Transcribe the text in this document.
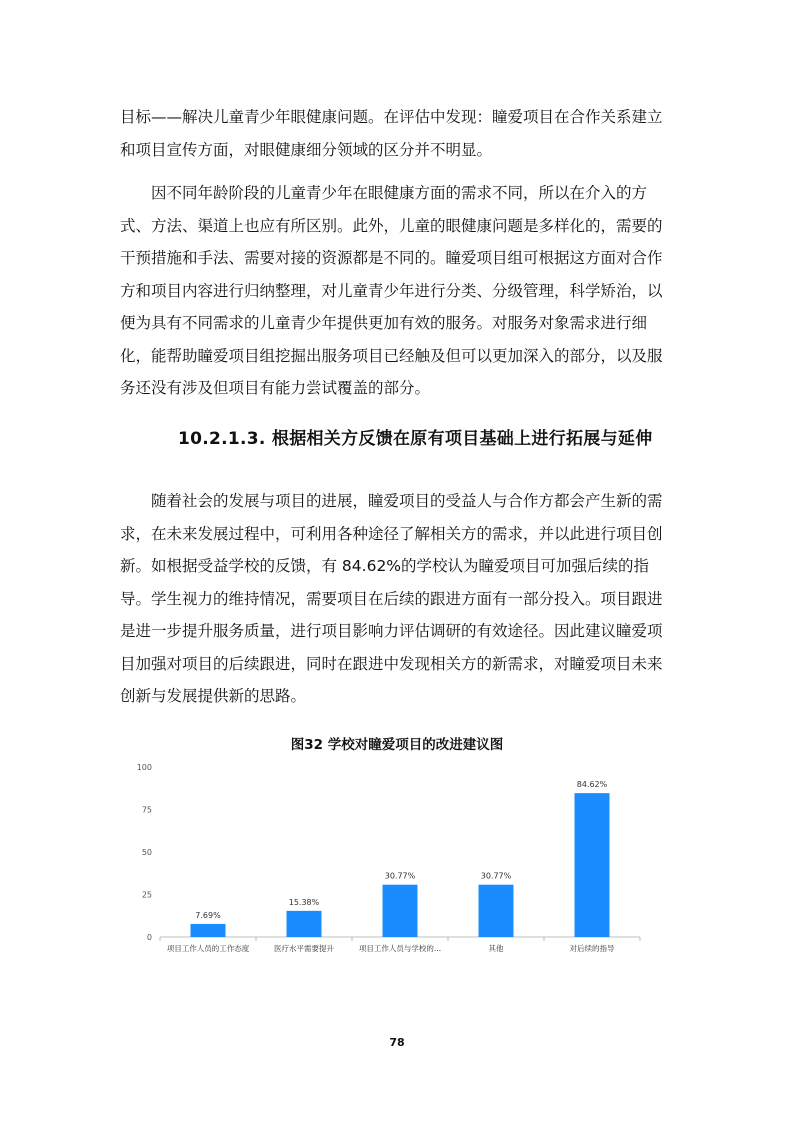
目标——解决儿童青少年眼健康问题。在评估中发现：瞳爱项目在合作关系建立和项目宣传方面，对眼健康细分领域的区分并不明显。

因不同年龄阶段的儿童青少年在眼健康方面的需求不同，所以在介入的方式、方法、渠道上也应有所区别。此外，儿童的眼健康问题是多样化的，需要的干预措施和手法、需要对接的资源都是不同的。瞳爱项目组可根据这方面对合作方和项目内容进行归纳整理，对儿童青少年进行分类、分级管理，科学矫治，以便为具有不同需求的儿童青少年提供更加有效的服务。对服务对象需求进行细化，能帮助瞳爱项目组挖掘出服务项目已经触及但可以更加深入的部分，以及服务还没有涉及但项目有能力尝试覆盖的部分。

10.2.1.3. 根据相关方反馈在原有项目基础上进行拓展与延伸

随着社会的发展与项目的进展，瞳爱项目的受益人与合作方都会产生新的需求，在未来发展过程中，可利用各种途径了解相关方的需求，并以此进行项目创新。如根据受益学校的反馈，有 84.62%的学校认为瞳爱项目可加强后续的指导。学生视力的维持情况，需要项目在后续的跟进方面有一部分投入。项目跟进是进一步提升服务质量，进行项目影响力评估调研的有效途径。因此建议瞳爱项目加强对项目的后续跟进，同时在跟进中发现相关方的新需求，对瞳爱项目未来创新与发展提供新的思路。

图32 学校对瞳爱项目的改进建议图
0
25
50
75
100
7.69%
项目工作人员的工作态度
15.38%
医疗水平需要提升
30.77%
项目工作人员与学校的...
30.77%
其他
84.62%
对后续的指导
78
